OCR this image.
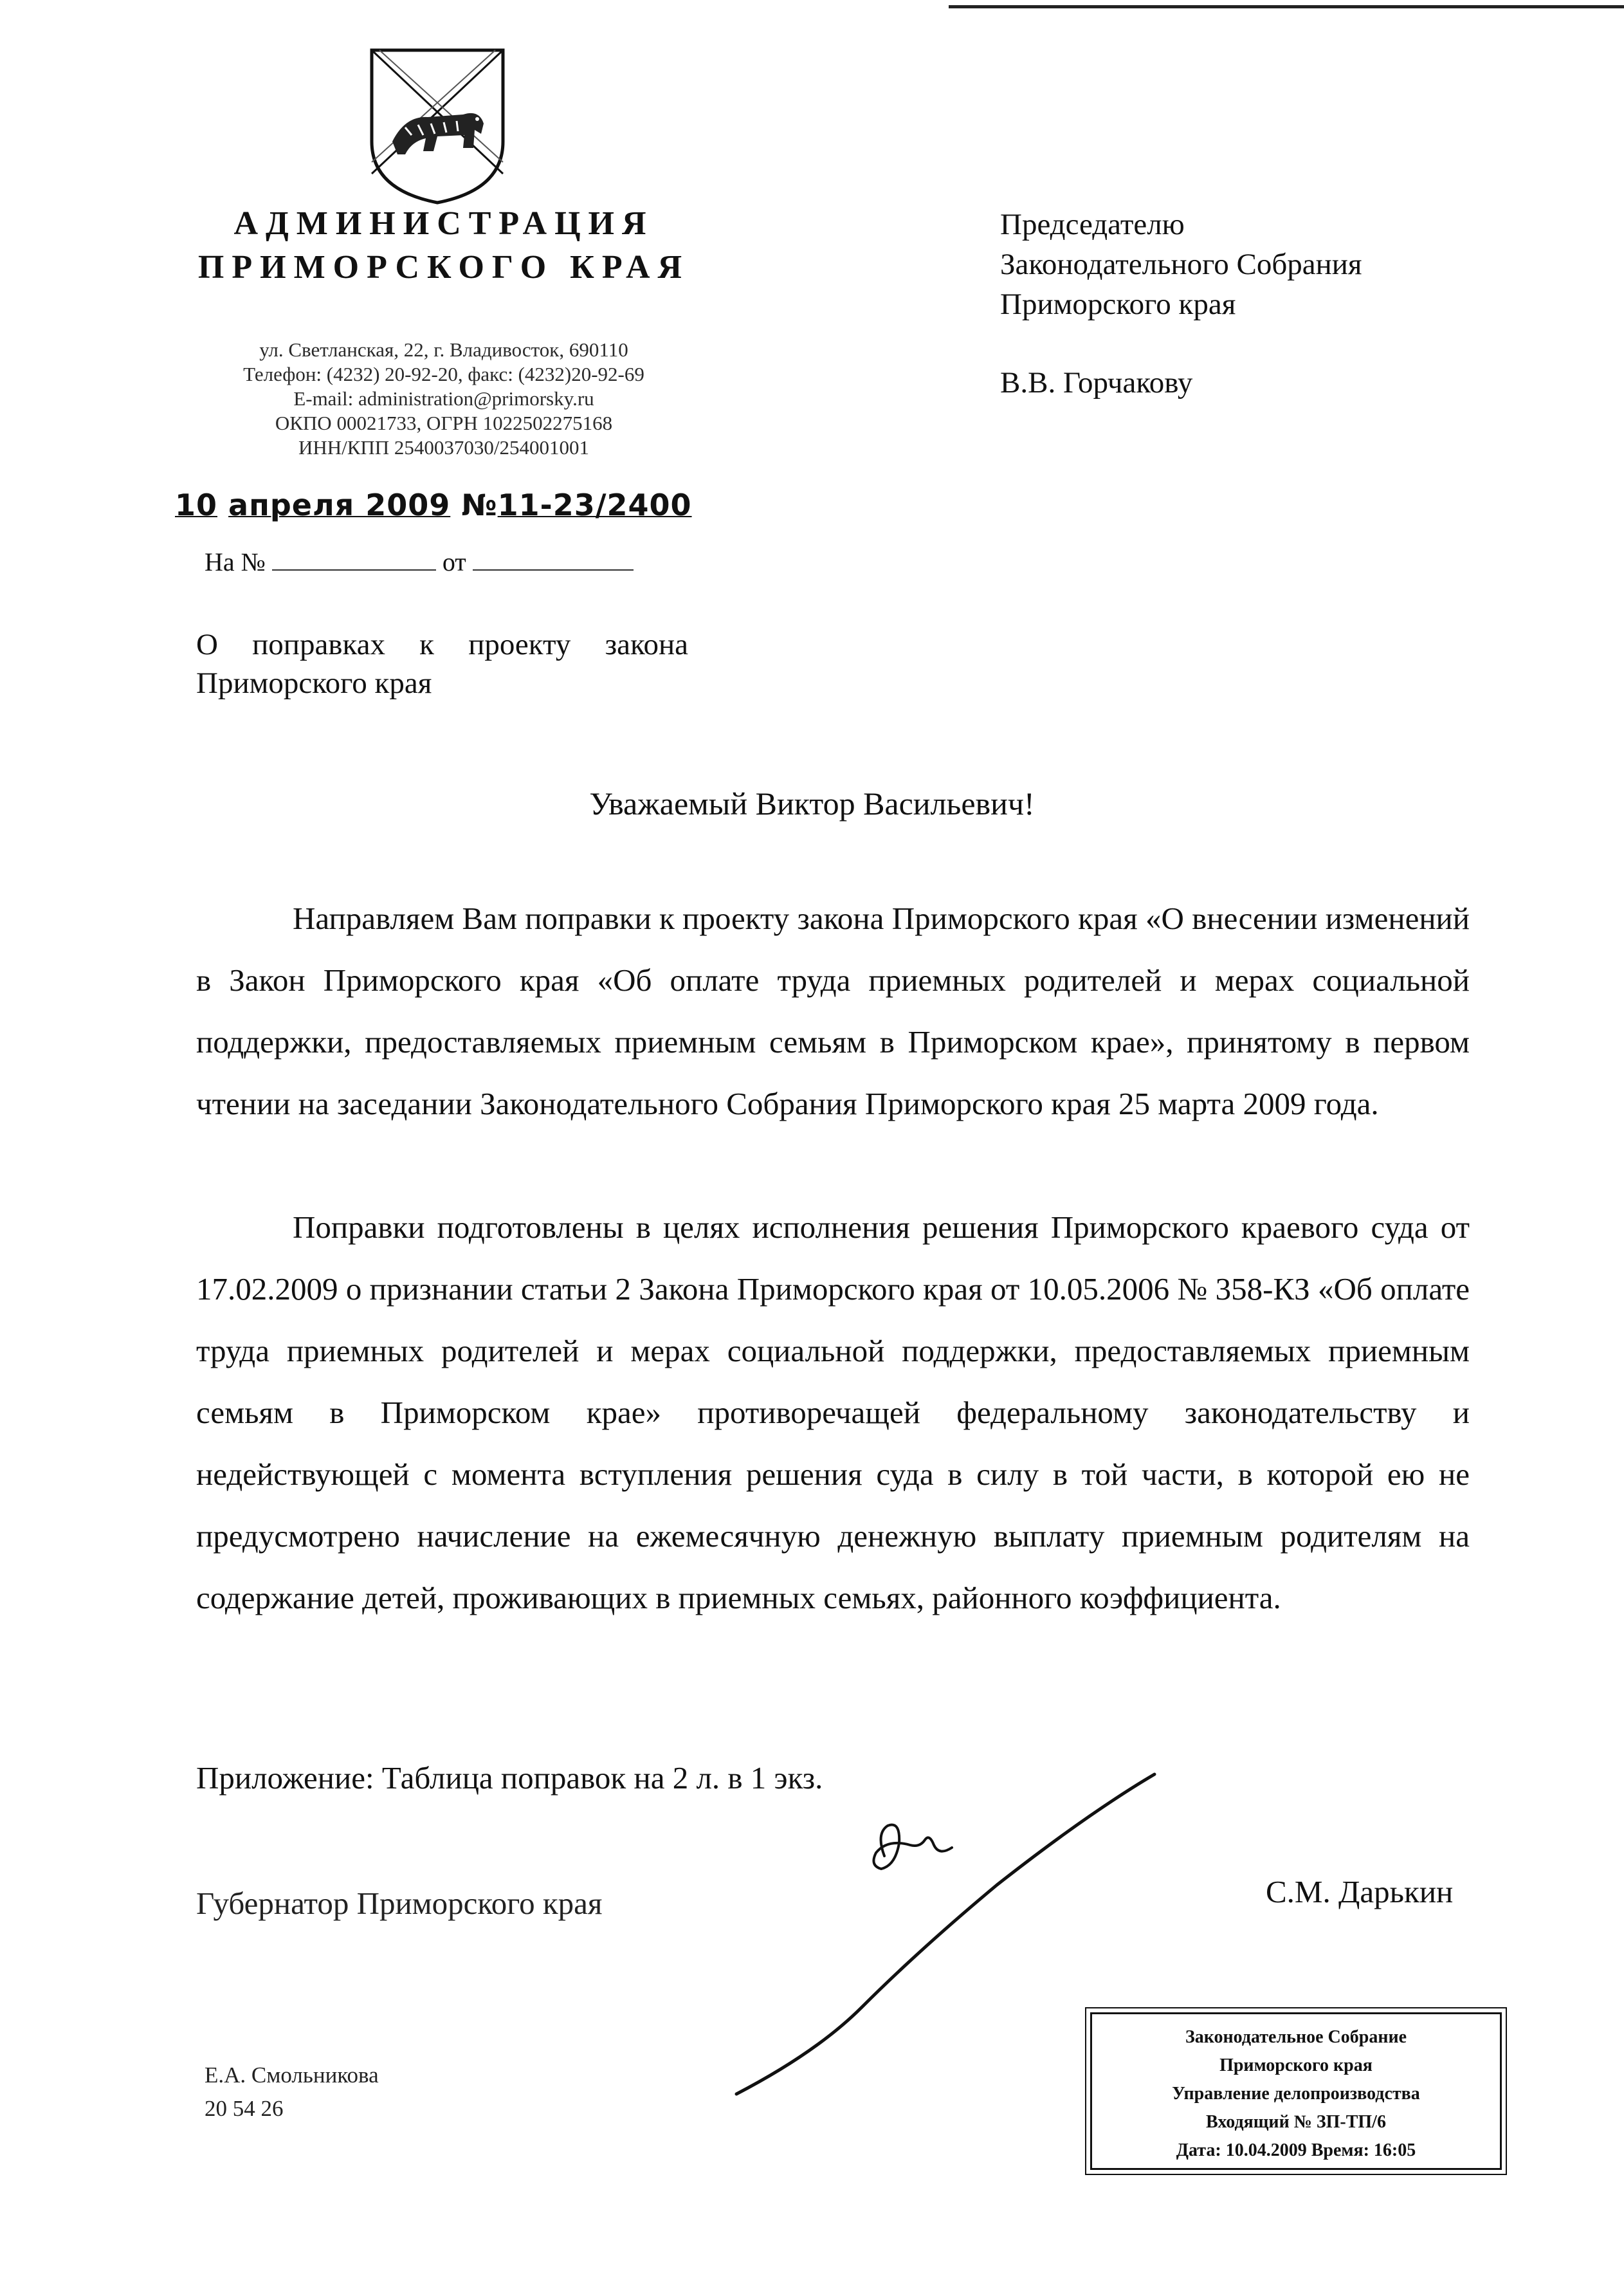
АДМИНИСТРАЦИЯ
ПРИМОРСКОГО КРАЯ
ул. Светланская, 22, г. Владивосток, 690110
Телефон: (4232) 20-92-20, факс: (4232)20-92-69
E-mail: administration@primorsky.ru
ОКПО 00021733, ОГРН 1022502275168
ИНН/КПП 2540037030/254001001
10 апреля 2009 №11-23/2400
На №	от
О поправках к проекту закона Приморского края
Председателю
Законодательного Собрания
Приморского края
В.В. Горчакову
Уважаемый Виктор Васильевич!
Направляем Вам поправки к проекту закона Приморского края «О внесении изменений в Закон Приморского края «Об оплате труда приемных родителей и мерах социальной поддержки, предоставляемых приемным семьям в Приморском крае», принятому в первом чтении на заседании Законодательного Собрания Приморского края 25 марта 2009 года.
Поправки подготовлены в целях исполнения решения Приморского краевого суда от 17.02.2009 о признании статьи 2 Закона Приморского края от 10.05.2006 № 358-КЗ «Об оплате труда приемных родителей и мерах социальной поддержки, предоставляемых приемным семьям в Приморском крае» противоречащей федеральному законодательству и недействующей с момента вступления решения суда в силу в той части, в которой ею не предусмотрено начисление на ежемесячную денежную выплату приемным родителям на содержание детей, проживающих в приемных семьях, районного коэффициента.
Приложение: Таблица поправок на 2 л. в 1 экз.
Губернатор Приморского края	С.М. Дарькин
Е.А. Смольникова
20 54 26
Законодательное Собрание
Приморского края
Управление делопроизводства
Входящий № ЗП-ТП/6
Дата: 10.04.2009 Время: 16:05
